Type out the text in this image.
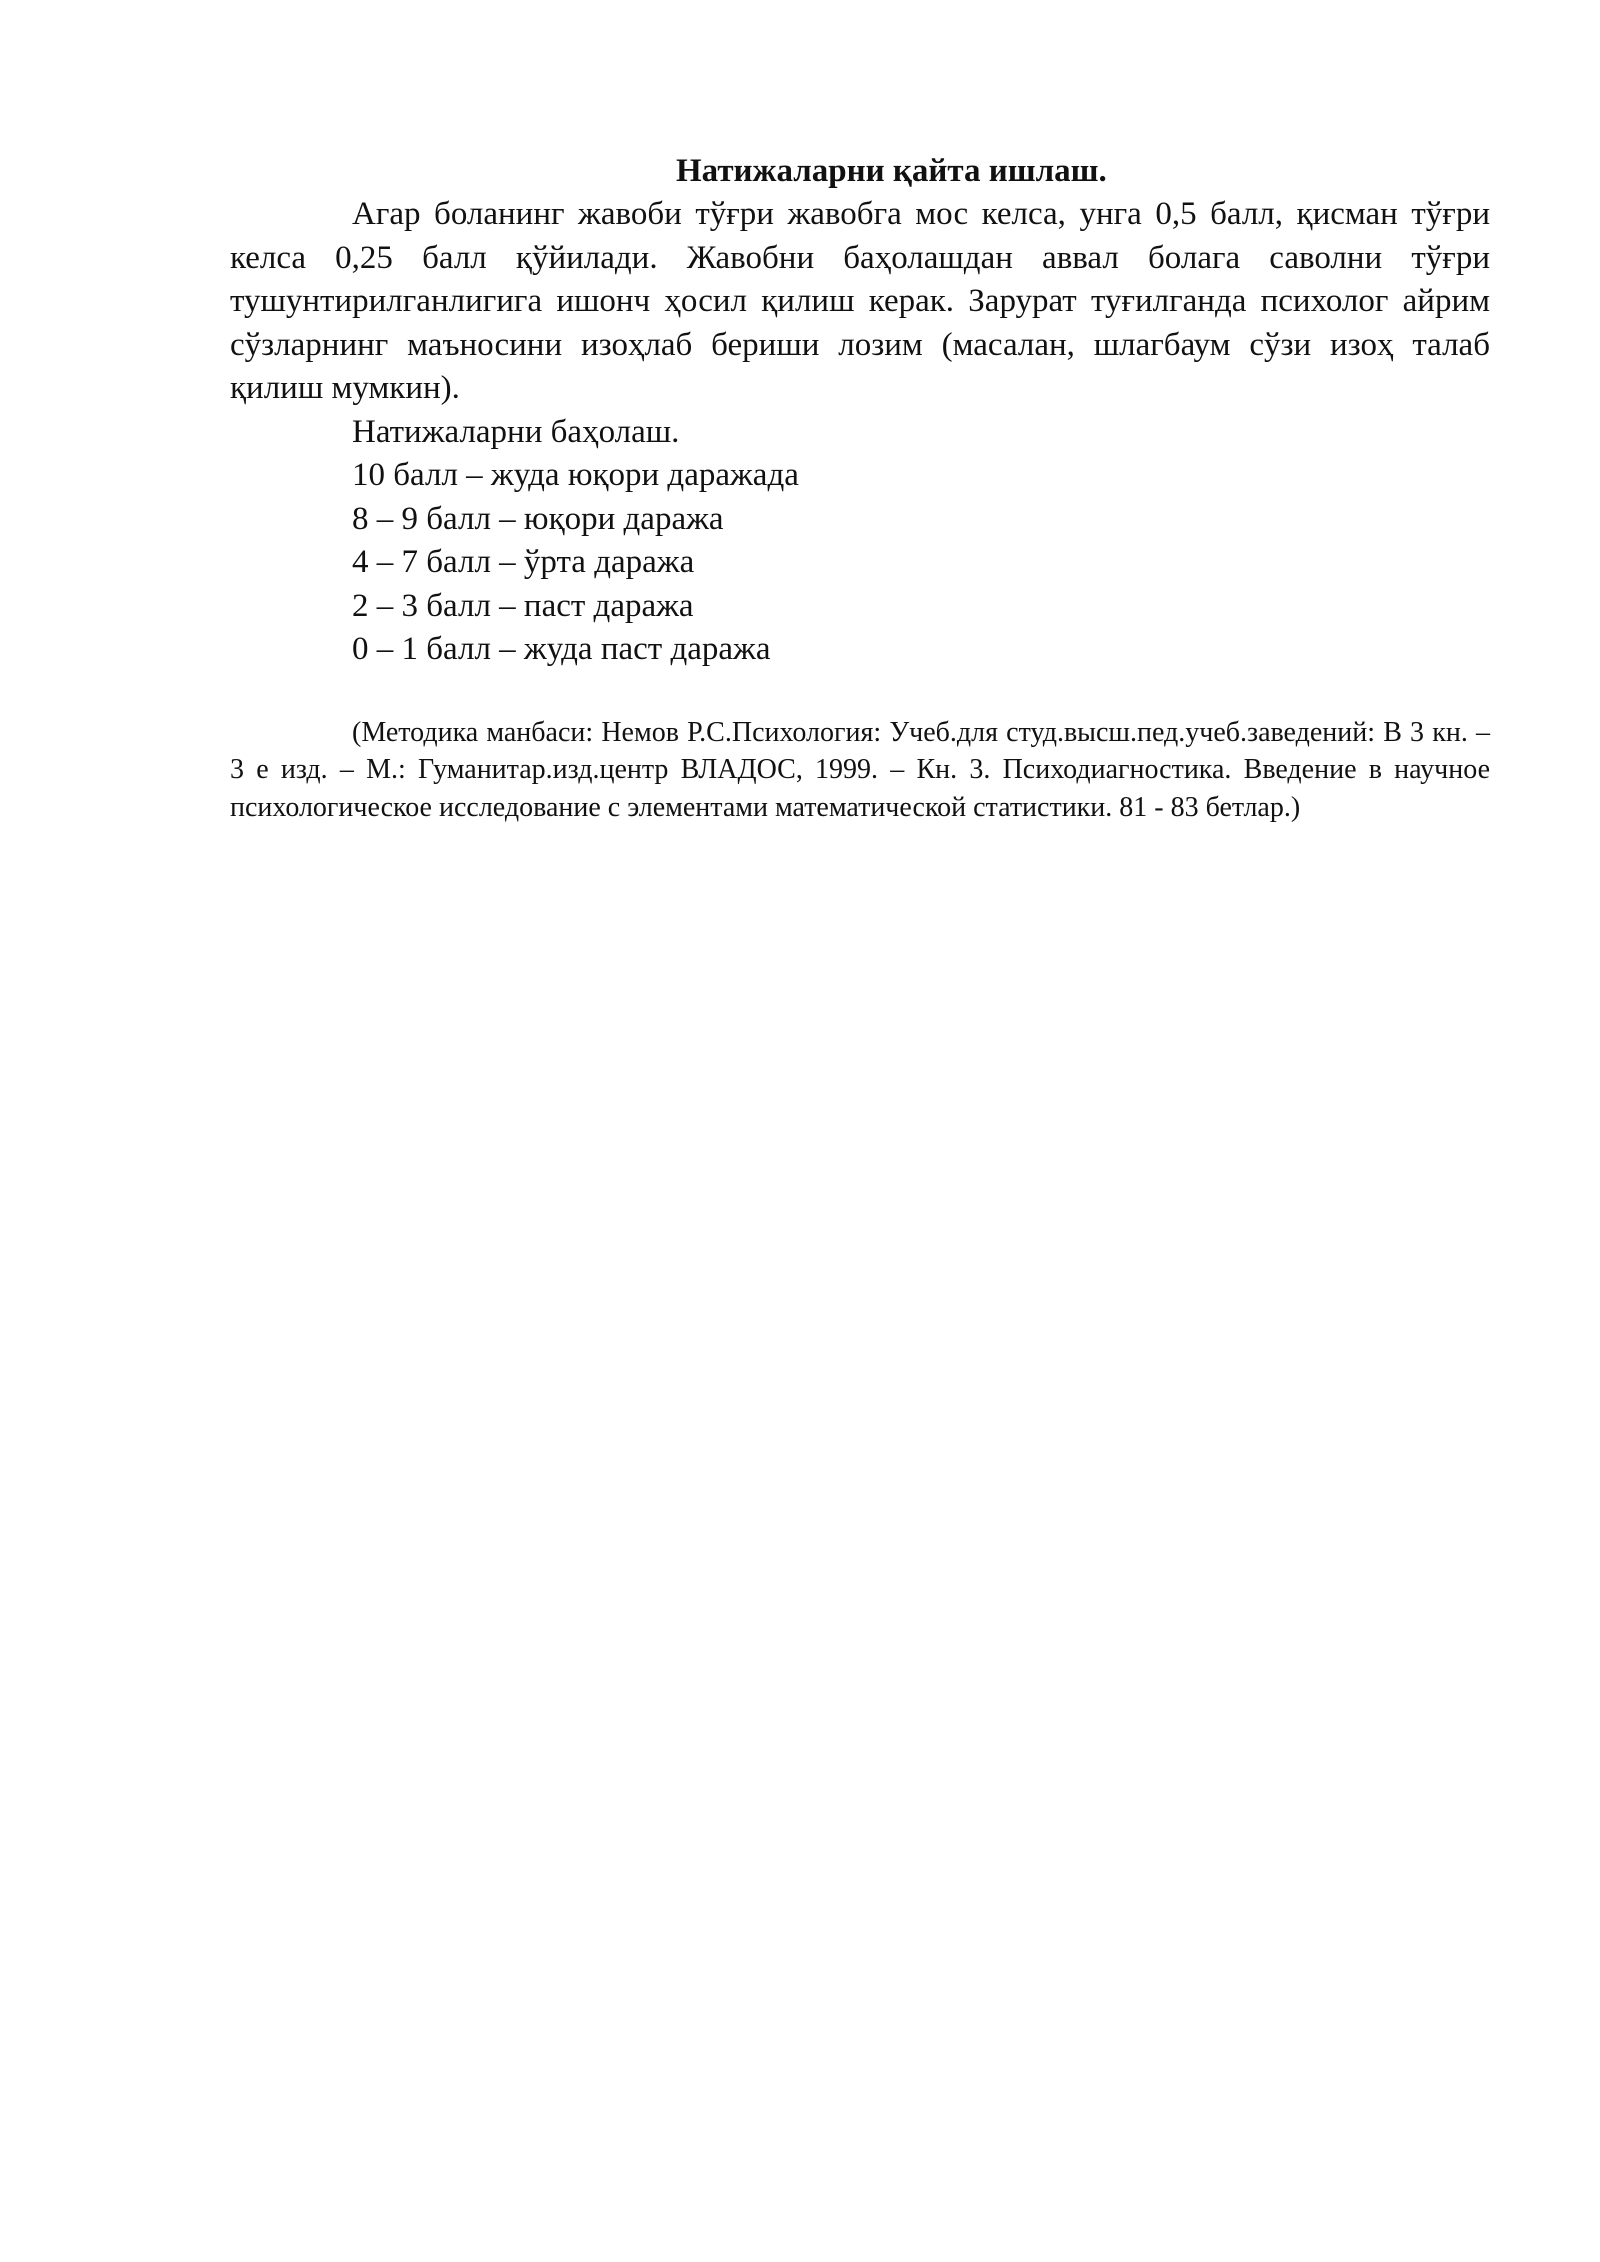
Натижаларни қайта ишлаш.

Агар боланинг жавоби тўғри жавобга мос келса, унга 0,5 балл, қисман тўғри келса 0,25 балл қўйилади. Жавобни баҳолашдан аввал болага саволни тўғри тушунтирилганлигига ишонч ҳосил қилиш керак. Зарурат туғилганда психолог айрим сўзларнинг маъносини изоҳлаб бериши лозим (масалан, шлагбаум сўзи изоҳ талаб қилиш мумкин).

Натижаларни баҳолаш.
10 балл – жуда юқори даражада
8 – 9 балл – юқори даража
4 – 7 балл – ўрта даража
2 – 3 балл – паст даража
0 – 1 балл – жуда паст даража

(Методика манбаси: Немов Р.С.Психология: Учеб.для студ.высш.пед.учеб.заведений: В 3 кн. – 3 е изд. – М.: Гуманитар.изд.центр ВЛАДОС, 1999. – Кн. 3. Психодиагностика. Введение в научное психологическое исследование с элементами математической статистики. 81 - 83 бетлар.)
